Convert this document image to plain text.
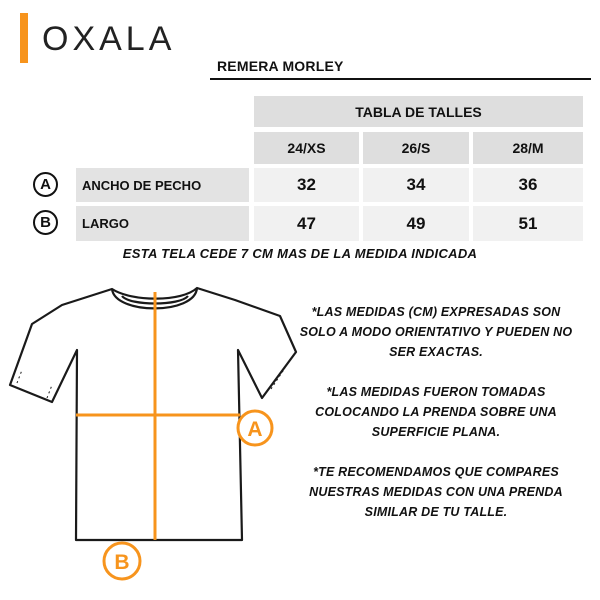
OXALA
REMERA MORLEY
TABLA DE TALLES
24/XS	26/S	28/M
A	ANCHO DE PECHO	32	34	36
B	LARGO	47	49	51
ESTA TELA CEDE 7 CM MAS DE LA MEDIDA INDICADA
A
B

*LAS MEDIDAS (CM) EXPRESADAS SON SOLO A MODO ORIENTATIVO Y PUEDEN NO SER EXACTAS.

*LAS MEDIDAS FUERON TOMADAS COLOCANDO LA PRENDA SOBRE UNA SUPERFICIE PLANA.

*TE RECOMENDAMOS QUE COMPARES NUESTRAS MEDIDAS CON UNA PRENDA SIMILAR DE TU TALLE.
